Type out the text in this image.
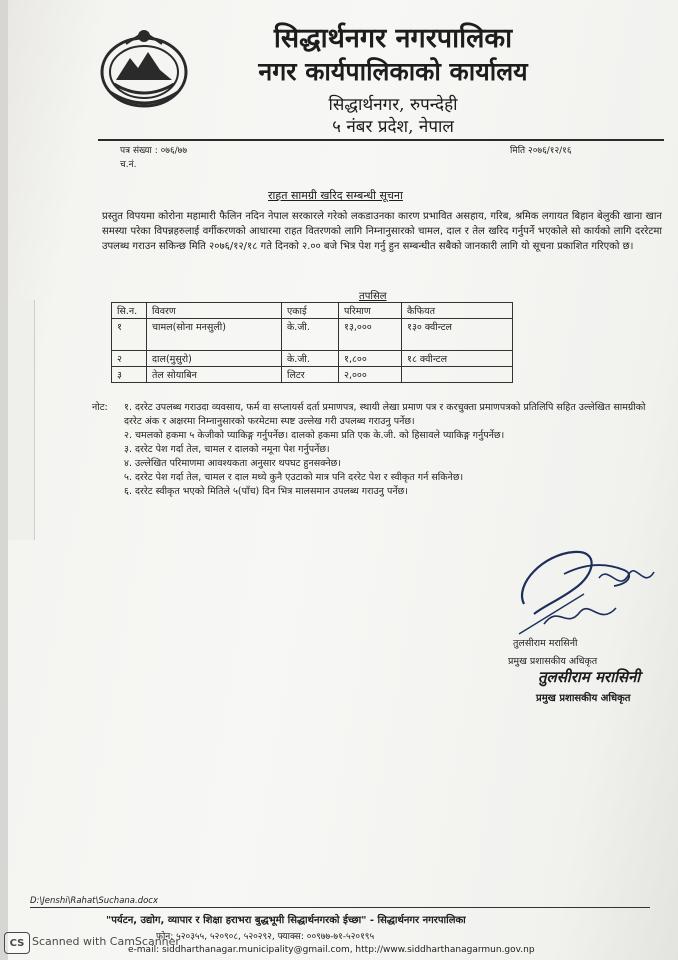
सिद्धार्थनगर नगरपालिका
नगर कार्यपालिकाको कार्यालय
सिद्धार्थनगर, रुपन्देही
५ नंबर प्रदेश, नेपाल
पत्र संख्या : ०७६/७७
च.नं.
मिति २०७६/१२/१६
राहत सामग्री खरिद सम्बन्धी सूचना
प्रस्तुत विपयमा कोरोना महामारी फैलिन नदिन नेपाल सरकारले गरेको लकडाउनका कारण प्रभावित असहाय, गरिब, श्रमिक लगायत बिहान बेलुकी खाना खान समस्या परेका विपन्नहरुलाई वर्गीकरणको आधारमा राहत वितरणको लागि निम्नानुसारको चामल, दाल र तेल खरिद गर्नुपर्ने भएकोले सो कार्यको लागि दररेटमा उपलब्ध गराउन सकिन्छ मिति २०७६/१२/१८ गते दिनको २.०० बजे भित्र पेश गर्नु हुन सम्बन्धीत सबैको जानकारी लागि यो सूचना प्रकाशित गरिएको छ।
तपसिल
सि.न.	विवरण	एकाई	परिमाण	कैफियत
१	चामल(सोना मनसुली)	के.जी.	१३,०००	१३० क्वीन्टल
२	दाल(मुसुरो)	के.जी.	१,८००	१८ क्वीन्टल
३	तेल सोयाबिन	लिटर	२,०००	
नोट:	१. दररेट उपलब्ध गराउदा व्यवसाय, फर्म वा सप्लायर्स दर्ता प्रमाणपत्र, स्थायी लेखा प्रमाण पत्र र करचुक्ता प्रमाणपत्रको प्रतिलिपि सहित उल्लेखित सामग्रीको दररेट अंक र अक्षरमा निम्नानुसारको फरमेटमा स्पष्ट उल्लेख गरी उपलब्ध गराउनु पर्नेछ।
२. चमलको हकमा ५ केजीको प्याकिङ्ग गर्नुपर्नेछ। दालको हकमा प्रति एक के.जी. को हिसावले प्याकिङ्ग गर्नुपर्नेछ।
३. दररेट पेश गर्दा तेल, चामल र दालको नमूना पेश गर्नुपर्नेछ।
४. उल्लेखित परिमाणमा आवश्यकता अनुसार थपघट हुनसक्नेछ।
५. दररेट पेश गर्दा तेल, चामल र दाल मध्ये कुनै एउटाको मात्र पनि दररेट पेश र स्वीकृत गर्न सकिनेछ।
६. दररेट स्वीकृत भएको मितिले ५(पाँच) दिन भित्र मालसमान उपलब्ध गराउनु पर्नेछ।
तुलसीराम मरासिनी
प्रमुख प्रशासकीय अधिकृत
तुलसीराम मरासिनी
प्रमुख प्रशासकीय अधिकृत
D:\Jenshi\Rahat\Suchana.docx
"पर्यटन, उद्योग, व्यापार र शिक्षा हराभरा बुद्धभूमी सिद्धार्थनगरको ईच्छा" - सिद्धार्थनगर नगरपालिका
फोन: ५२०३५५, ५२०९०८, ५२०२९२, फ्याक्स: ००९७७-७१-५२०१९५
e-mail: siddharthanagar.municipality@gmail.com, http://www.siddharthanagarmun.gov.np
CS Scanned with CamScanner
